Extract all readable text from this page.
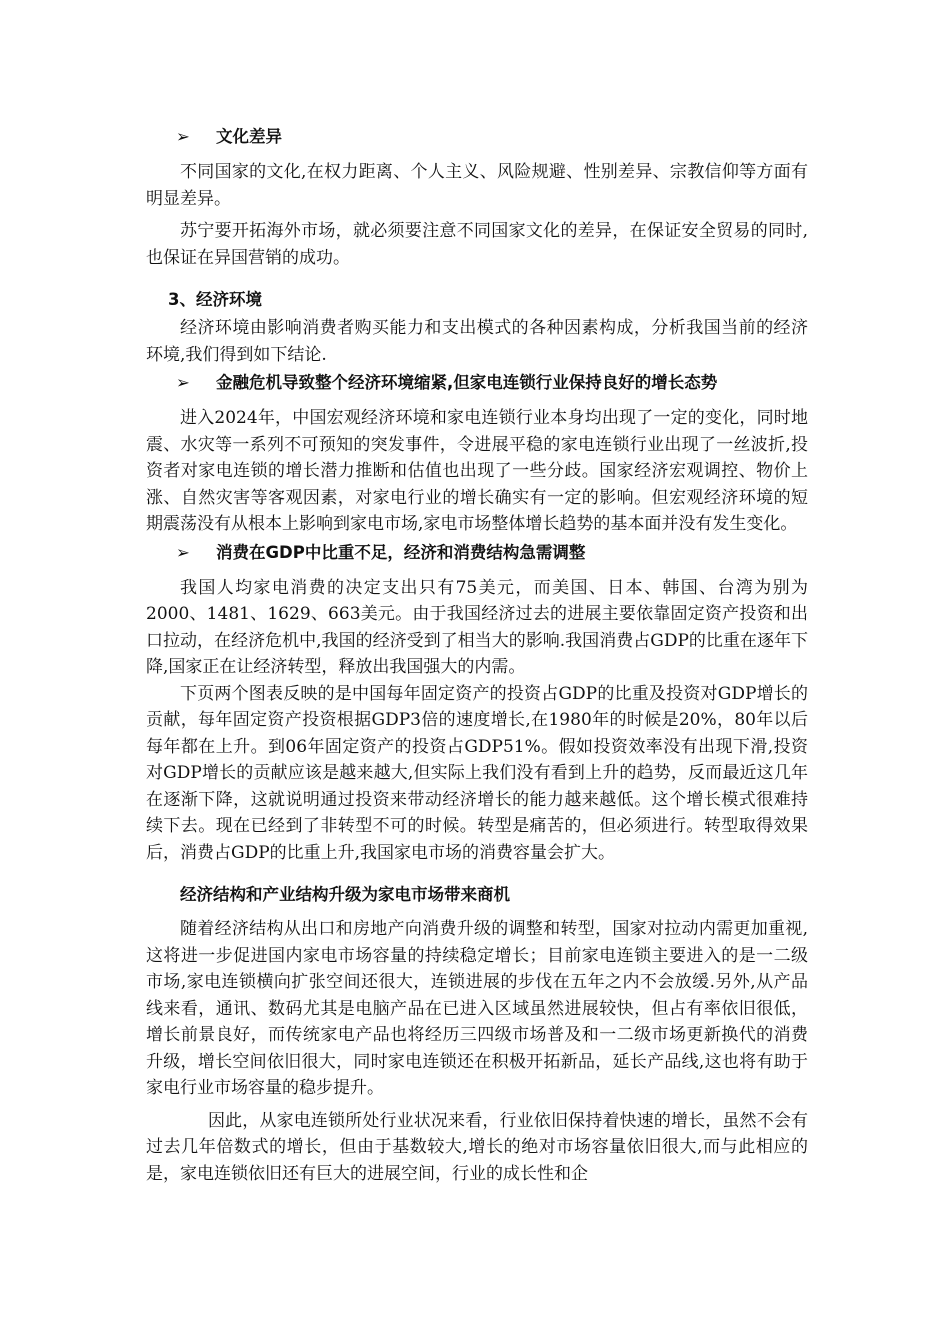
➢ 文化差异

不同国家的文化,在权力距离、个人主义、风险规避、性别差异、宗教信仰等方面有明显差异。

苏宁要开拓海外市场，就必须要注意不同国家文化的差异，在保证安全贸易的同时,也保证在异国营销的成功。

3、经济环境

经济环境由影响消费者购买能力和支出模式的各种因素构成，分析我国当前的经济环境,我们得到如下结论.

➢ 金融危机导致整个经济环境缩紧,但家电连锁行业保持良好的增长态势

进入2024年，中国宏观经济环境和家电连锁行业本身均出现了一定的变化，同时地震、水灾等一系列不可预知的突发事件，令进展平稳的家电连锁行业出现了一丝波折,投资者对家电连锁的增长潜力推断和估值也出现了一些分歧。国家经济宏观调控、物价上涨、自然灾害等客观因素，对家电行业的增长确实有一定的影响。但宏观经济环境的短期震荡没有从根本上影响到家电市场,家电市场整体增长趋势的基本面并没有发生变化。

➢ 消费在GDP中比重不足，经济和消费结构急需调整

我国人均家电消费的决定支出只有75美元，而美国、日本、韩国、台湾为别为2000、1481、1629、663美元。由于我国经济过去的进展主要依靠固定资产投资和出口拉动，在经济危机中,我国的经济受到了相当大的影响.我国消费占GDP的比重在逐年下降,国家正在让经济转型，释放出我国强大的内需。

下页两个图表反映的是中国每年固定资产的投资占GDP的比重及投资对GDP增长的贡献，每年固定资产投资根据GDP3倍的速度增长,在1980年的时候是20%，80年以后每年都在上升。到06年固定资产的投资占GDP51%。假如投资效率没有出现下滑,投资对GDP增长的贡献应该是越来越大,但实际上我们没有看到上升的趋势，反而最近这几年在逐渐下降，这就说明通过投资来带动经济增长的能力越来越低。这个增长模式很难持续下去。现在已经到了非转型不可的时候。转型是痛苦的，但必须进行。转型取得效果后，消费占GDP的比重上升,我国家电市场的消费容量会扩大。

经济结构和产业结构升级为家电市场带来商机

随着经济结构从出口和房地产向消费升级的调整和转型，国家对拉动内需更加重视,这将进一步促进国内家电市场容量的持续稳定增长；目前家电连锁主要进入的是一二级市场,家电连锁横向扩张空间还很大，连锁进展的步伐在五年之内不会放缓.另外,从产品线来看，通讯、数码尤其是电脑产品在已进入区域虽然进展较快，但占有率依旧很低，增长前景良好，而传统家电产品也将经历三四级市场普及和一二级市场更新换代的消费升级，增长空间依旧很大，同时家电连锁还在积极开拓新品，延长产品线,这也将有助于家电行业市场容量的稳步提升。

因此，从家电连锁所处行业状况来看，行业依旧保持着快速的增长，虽然不会有过去几年倍数式的增长，但由于基数较大,增长的绝对市场容量依旧很大,而与此相应的是，家电连锁依旧还有巨大的进展空间，行业的成长性和企
